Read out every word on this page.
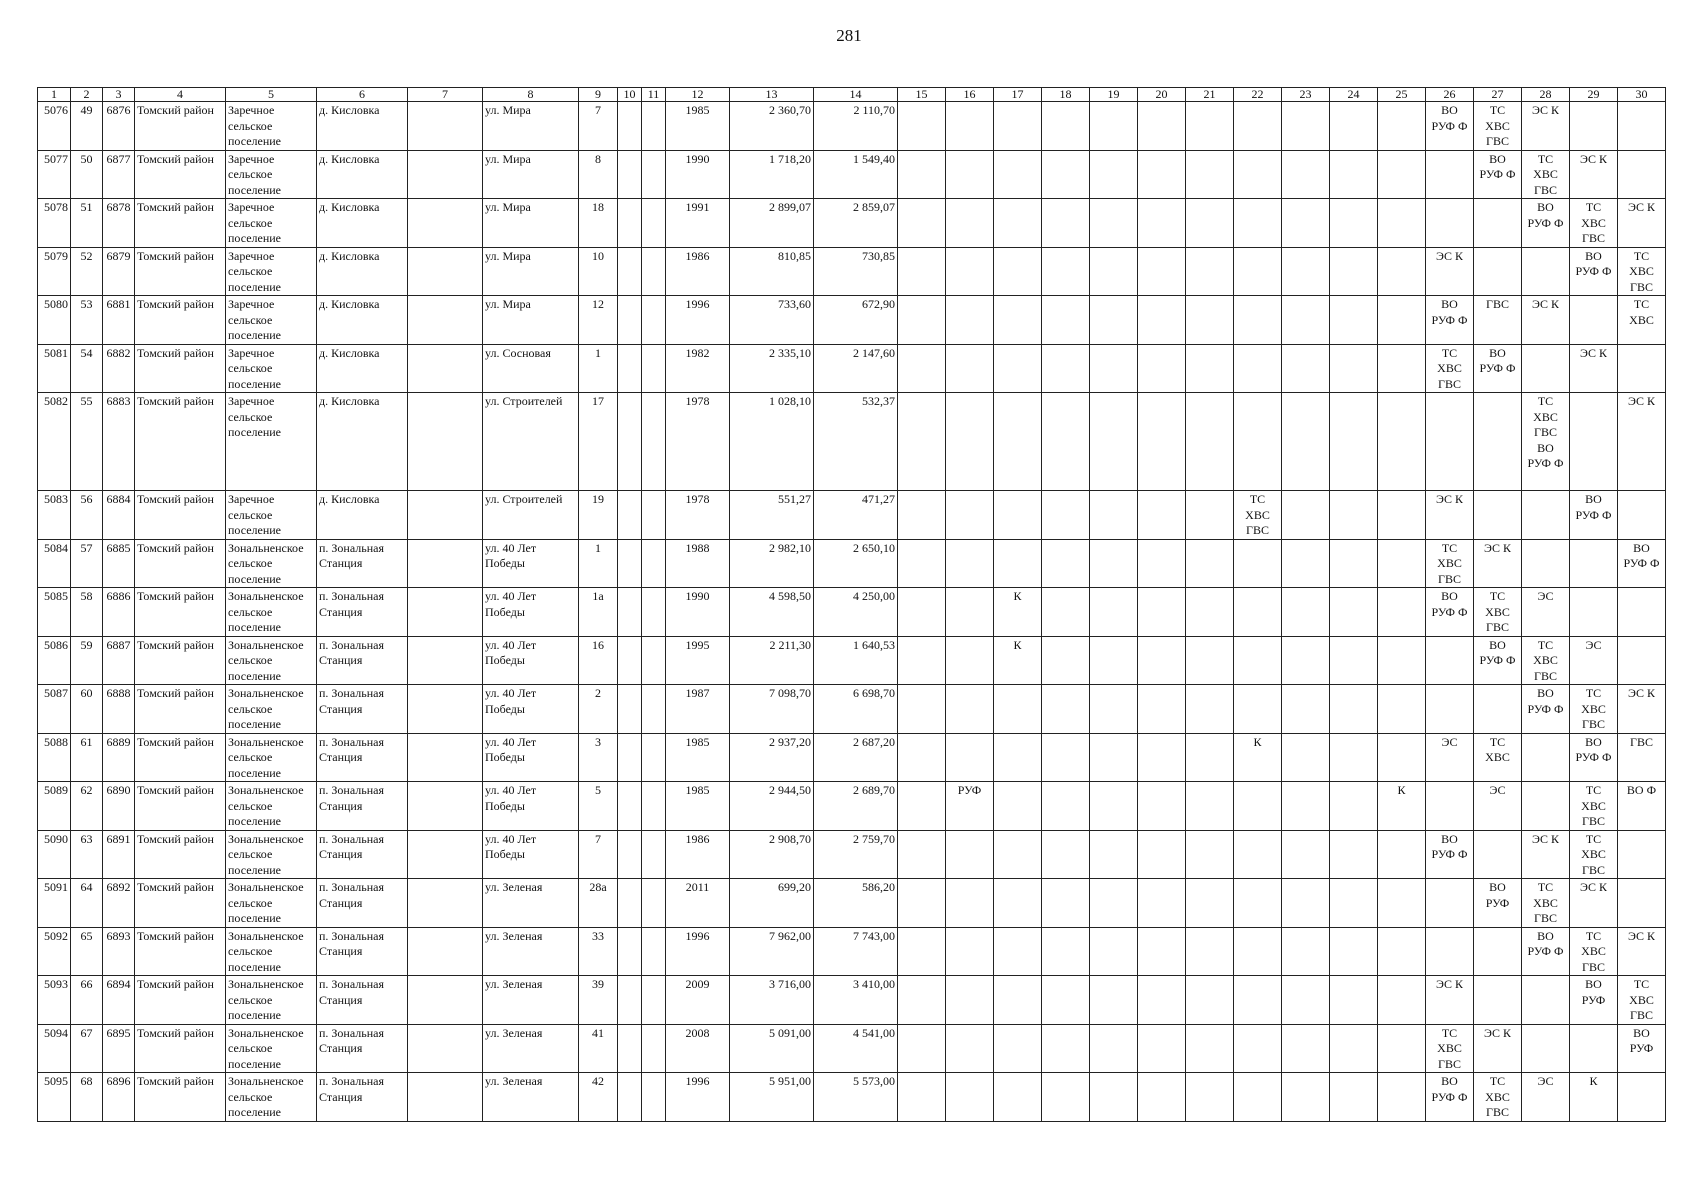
281
1	2	3	4	5	6	7	8	9	10	11	12	13	14	15	16	17	18	19	20	21	22	23	24	25	26	27	28	29	30
5076	49	6876	Томский район	Заречное
сельское
поселение	д. Кисловка		ул. Мира	7			1985	2 360,70	2 110,70												ВО
РУФ Ф	ТС
ХВС
ГВС	ЭС К		
5077	50	6877	Томский район	Заречное
сельское
поселение	д. Кисловка		ул. Мира	8			1990	1 718,20	1 549,40													ВО
РУФ Ф	ТС
ХВС
ГВС	ЭС К	
5078	51	6878	Томский район	Заречное
сельское
поселение	д. Кисловка		ул. Мира	18			1991	2 899,07	2 859,07														ВО
РУФ Ф	ТС
ХВС
ГВС	ЭС К
5079	52	6879	Томский район	Заречное
сельское
поселение	д. Кисловка		ул. Мира	10			1986	810,85	730,85												ЭС К			ВО
РУФ Ф	ТС
ХВС
ГВС
5080	53	6881	Томский район	Заречное
сельское
поселение	д. Кисловка		ул. Мира	12			1996	733,60	672,90												ВО
РУФ Ф	ГВС	ЭС К		ТС
ХВС
5081	54	6882	Томский район	Заречное
сельское
поселение	д. Кисловка		ул. Сосновая	1			1982	2 335,10	2 147,60												ТС
ХВС
ГВС	ВО
РУФ Ф		ЭС К	
5082	55	6883	Томский район	Заречное
сельское
поселение	д. Кисловка		ул. Строителей	17			1978	1 028,10	532,37														ТС
ХВС
ГВС
ВО
РУФ Ф		ЭС К
5083	56	6884	Томский район	Заречное
сельское
поселение	д. Кисловка		ул. Строителей	19			1978	551,27	471,27								ТС
ХВС
ГВС				ЭС К			ВО
РУФ Ф	
5084	57	6885	Томский район	Зональненское
сельское
поселение	п. Зональная
Станция		ул. 40 Лет
Победы	1			1988	2 982,10	2 650,10												ТС
ХВС
ГВС	ЭС К			ВО
РУФ Ф
5085	58	6886	Томский район	Зональненское
сельское
поселение	п. Зональная
Станция		ул. 40 Лет
Победы	1а			1990	4 598,50	4 250,00			К									ВО
РУФ Ф	ТС
ХВС
ГВС	ЭС		
5086	59	6887	Томский район	Зональненское
сельское
поселение	п. Зональная
Станция		ул. 40 Лет
Победы	16			1995	2 211,30	1 640,53			К										ВО
РУФ Ф	ТС
ХВС
ГВС	ЭС	
5087	60	6888	Томский район	Зональненское
сельское
поселение	п. Зональная
Станция		ул. 40 Лет
Победы	2			1987	7 098,70	6 698,70														ВО
РУФ Ф	ТС
ХВС
ГВС	ЭС К
5088	61	6889	Томский район	Зональненское
сельское
поселение	п. Зональная
Станция		ул. 40 Лет
Победы	3			1985	2 937,20	2 687,20								К				ЭС	ТС
ХВС		ВО
РУФ Ф	ГВС
5089	62	6890	Томский район	Зональненское
сельское
поселение	п. Зональная
Станция		ул. 40 Лет
Победы	5			1985	2 944,50	2 689,70		РУФ									К		ЭС		ТС
ХВС
ГВС	ВО Ф
5090	63	6891	Томский район	Зональненское
сельское
поселение	п. Зональная
Станция		ул. 40 Лет
Победы	7			1986	2 908,70	2 759,70												ВО
РУФ Ф		ЭС К	ТС
ХВС
ГВС	
5091	64	6892	Томский район	Зональненское
сельское
поселение	п. Зональная
Станция		ул. Зеленая	28а			2011	699,20	586,20													ВО
РУФ	ТС
ХВС
ГВС	ЭС К	
5092	65	6893	Томский район	Зональненское
сельское
поселение	п. Зональная
Станция		ул. Зеленая	33			1996	7 962,00	7 743,00														ВО
РУФ Ф	ТС
ХВС
ГВС	ЭС К
5093	66	6894	Томский район	Зональненское
сельское
поселение	п. Зональная
Станция		ул. Зеленая	39			2009	3 716,00	3 410,00												ЭС К			ВО
РУФ	ТС
ХВС
ГВС
5094	67	6895	Томский район	Зональненское
сельское
поселение	п. Зональная
Станция		ул. Зеленая	41			2008	5 091,00	4 541,00												ТС
ХВС
ГВС	ЭС К			ВО
РУФ
5095	68	6896	Томский район	Зональненское
сельское
поселение	п. Зональная
Станция		ул. Зеленая	42			1996	5 951,00	5 573,00												ВО
РУФ Ф	ТС
ХВС
ГВС	ЭС	К	
